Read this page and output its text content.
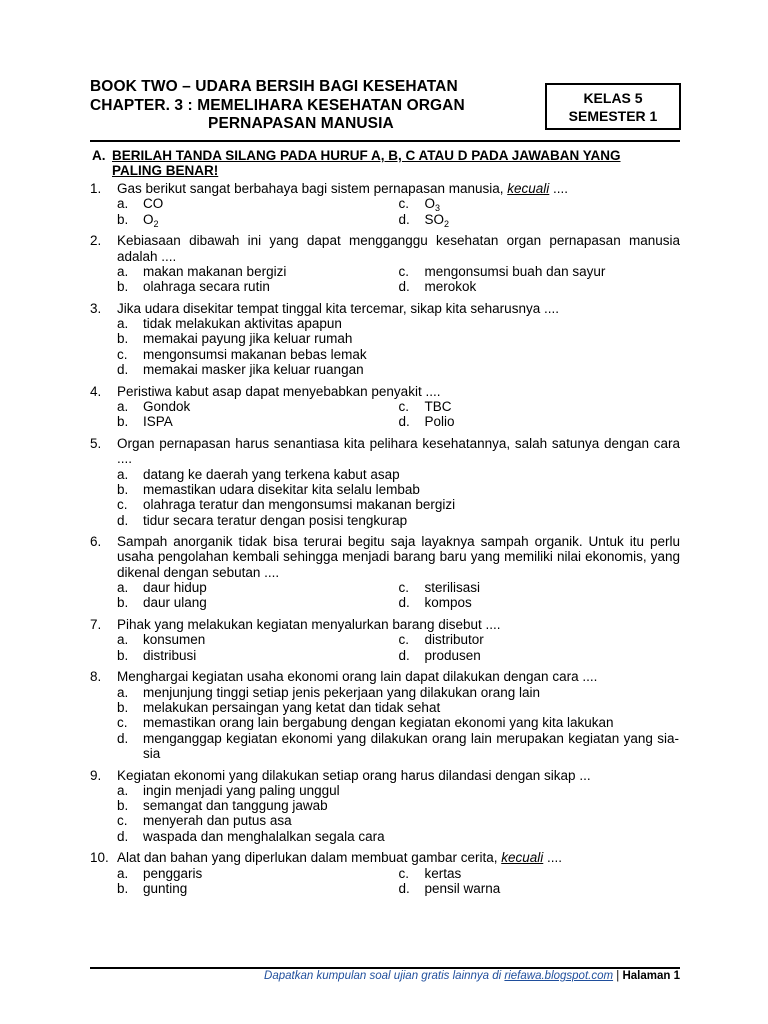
BOOK TWO – UDARA BERSIH BAGI KESEHATAN
CHAPTER. 3 : MEMELIHARA KESEHATAN ORGAN
PERNAPASAN MANUSIA
KELAS 5
SEMESTER 1
A. BERILAH TANDA SILANG PADA HURUF A, B, C ATAU D PADA JAWABAN YANG PALING BENAR!
1. Gas berikut sangat berbahaya bagi sistem pernapasan manusia, kecuali ....
a. CO	c. $O_3$
b. $O_2$	d. $SO_2$
2. Kebiasaan dibawah ini yang dapat mengganggu kesehatan organ pernapasan manusia adalah ....
a. makan makanan bergizi	c. mengonsumsi buah dan sayur
b. olahraga secara rutin	d. merokok
3. Jika udara disekitar tempat tinggal kita tercemar, sikap kita seharusnya ....
a. tidak melakukan aktivitas apapun
b. memakai payung jika keluar rumah
c. mengonsumsi makanan bebas lemak
d. memakai masker jika keluar ruangan
4. Peristiwa kabut asap dapat menyebabkan penyakit ....
a. Gondok	c. TBC
b. ISPA	d. Polio
5. Organ pernapasan harus senantiasa kita pelihara kesehatannya, salah satunya dengan cara ....
a. datang ke daerah yang terkena kabut asap
b. memastikan udara disekitar kita selalu lembab
c. olahraga teratur dan mengonsumsi makanan bergizi
d. tidur secara teratur dengan posisi tengkurap
6. Sampah anorganik tidak bisa terurai begitu saja layaknya sampah organik. Untuk itu perlu usaha pengolahan kembali sehingga menjadi barang baru yang memiliki nilai ekonomis, yang dikenal dengan sebutan ....
a. daur hidup	c. sterilisasi
b. daur ulang	d. kompos
7. Pihak yang melakukan kegiatan menyalurkan barang disebut ....
a. konsumen	c. distributor
b. distribusi	d. produsen
8. Menghargai kegiatan usaha ekonomi orang lain dapat dilakukan dengan cara ....
a. menjunjung tinggi setiap jenis pekerjaan yang dilakukan orang lain
b. melakukan persaingan yang ketat dan tidak sehat
c. memastikan orang lain bergabung dengan kegiatan ekonomi yang kita lakukan
d. menganggap kegiatan ekonomi yang dilakukan orang lain merupakan kegiatan yang sia-sia
9. Kegiatan ekonomi yang dilakukan setiap orang harus dilandasi dengan sikap ...
a. ingin menjadi yang paling unggul
b. semangat dan tanggung jawab
c. menyerah dan putus asa
d. waspada dan menghalalkan segala cara
10. Alat dan bahan yang diperlukan dalam membuat gambar cerita, kecuali ....
a. penggaris	c. kertas
b. gunting	d. pensil warna
Dapatkan kumpulan soal ujian gratis lainnya di riefawa.blogspot.com | Halaman 1
